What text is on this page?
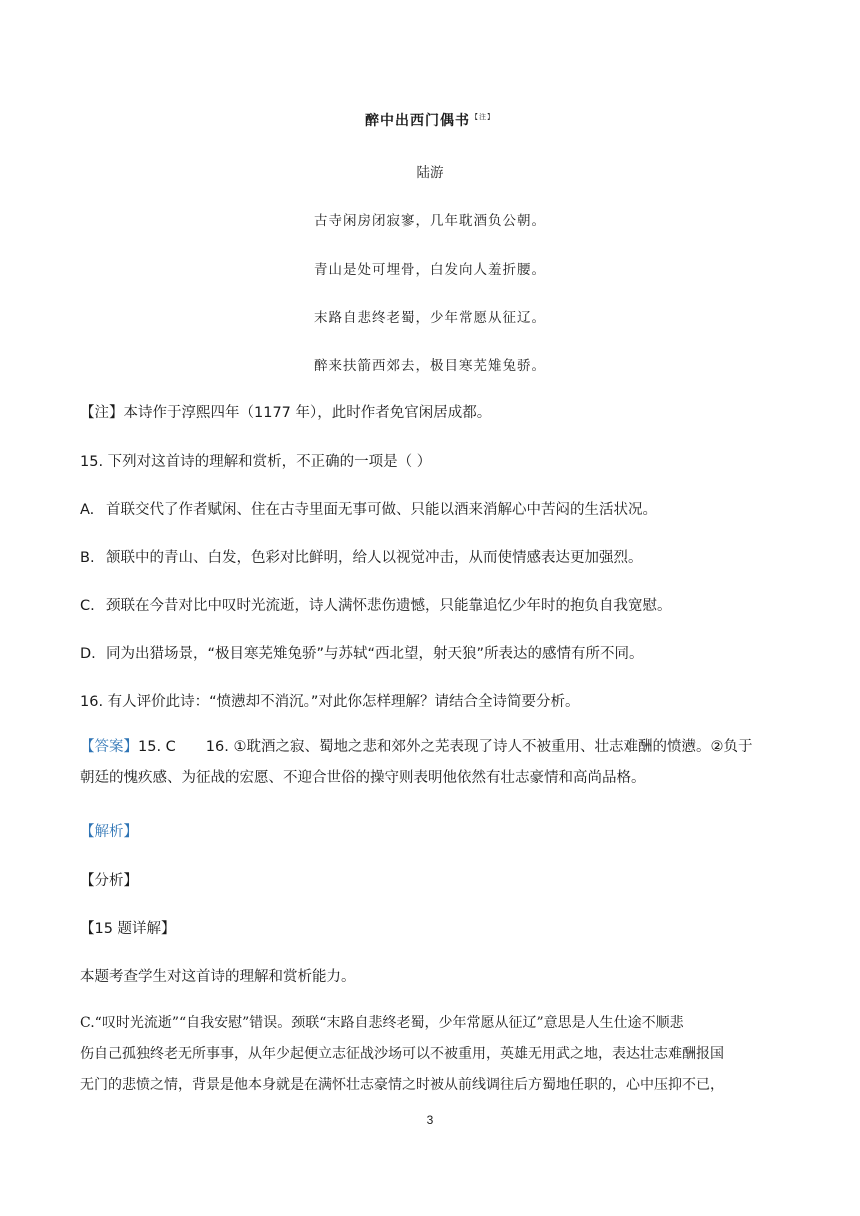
醉中出西门偶书$^{【注】}$
陆游
古寺闲房闭寂寥，几年耽酒负公朝。
青山是处可埋骨，白发向人羞折腰。
末路自悲终老蜀，少年常愿从征辽。
醉来扶箭西郊去，极目寒芜雉兔骄。
【注】本诗作于淳熙四年（1177 年），此时作者免官闲居成都。
15. 下列对这首诗的理解和赏析，不正确的一项是（ ）
A. 首联交代了作者赋闲、住在古寺里面无事可做、只能以酒来消解心中苦闷的生活状况。
B. 颔联中的青山、白发，色彩对比鲜明，给人以视觉冲击，从而使情感表达更加强烈。
C. 颈联在今昔对比中叹时光流逝，诗人满怀悲伤遗憾，只能靠追忆少年时的抱负自我宽慰。
D. 同为出猎场景，“极目寒芜雉兔骄”与苏轼“西北望，射天狼”所表达的感情有所不同。
16. 有人评价此诗：“愤懑却不消沉。”对此你怎样理解？请结合全诗简要分析。
【答案】15. C 16. ①耽酒之寂、蜀地之悲和郊外之芜表现了诗人不被重用、壮志难酬的愤懑。②负于
朝廷的愧疚感、为征战的宏愿、不迎合世俗的操守则表明他依然有壮志豪情和高尚品格。
【解析】
【分析】
【15 题详解】
本题考查学生对这首诗的理解和赏析能力。
C.“叹时光流逝”“自我安慰”错误。颈联“末路自悲终老蜀，少年常愿从征辽”意思是人生仕途不顺悲
伤自己孤独终老无所事事，从年少起便立志征战沙场可以不被重用，英雄无用武之地，表达壮志难酬报国
无门的悲愤之情，背景是他本身就是在满怀壮志豪情之时被从前线调往后方蜀地任职的，心中压抑不已，
3
